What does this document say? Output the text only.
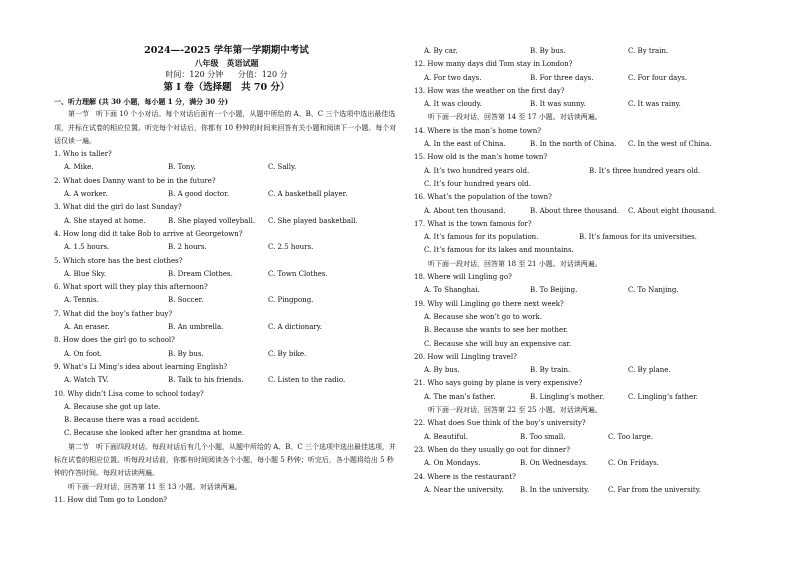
2024—-2025 学年第一学期期中考试
八年级　英语试题
时间：120 分钟 分值：120 分
第 I 卷（选择题　共 70 分）
一、听力理解 (共 30 小题，每小题 1 分，满分 30 分)
第一节　听下面 10 个小对话。每个对话后面有一个小题，从题中所给的 A、B、C 三个选项中选出最佳选项，并标在试卷的相应位置。听完每个对话后，你都有 10 秒钟的时间来回答有关小题和阅读下一小题。每个对话仅读一遍。
1. Who is taller?
A. Mike.	B. Tony.	C. Sally.
2. What does Danny want to be in the future?
A. A worker.	B. A good doctor.	C. A basketball player.
3. What did the girl do last Sunday?
A. She stayed at home.	B. She played volleyball.	C. She played basketball.
4. How long did it take Bob to arrive at Georgetown?
A. 1.5 hours.	B. 2 hours.	C. 2.5 hours.
5. Which store has the best clothes?
A. Blue Sky.	B. Dream Clothes.	C. Town Clothes.
6. What sport will they play this afternoon?
A. Tennis.	B. Soccer.	C. Pingpong.
7. What did the boy’s father buy?
A. An eraser.	B. An umbrella.	C. A dictionary.
8. How does the girl go to school?
A. On foot.	B. By bus.	C. By bike.
9. What’s Li Ming’s idea about learning English?
A. Watch TV.	B. Talk to his friends.	C. Listen to the radio.
10. Why didn’t Lisa come to school today?
A. Because she got up late.
B. Because there was a road accident.
C. Because she looked after her grandma at home.
第二节　听下面四段对话。每段对话后有几个小题，从题中所给的 A、B、C 三个选项中选出最佳选项，并标在试卷的相应位置。听每段对话前，你都有时间阅读各个小题，每小题 5 秒钟；听完后，各小题将给出 5 秒钟的作答时间。每段对话读两遍。
听下面一段对话，回答第 11 至 13 小题。对话读两遍。
11. How did Tom go to London?
A. By car.	B. By bus.	C. By train.
12. How many days did Tom stay in London?
A. For two days.	B. For three days.	C. For four days.
13. How was the weather on the first day?
A. It was cloudy.	B. It was sunny.	C. It was rainy.
听下面一段对话，回答第 14 至 17 小题。对话读两遍。
14. Where is the man’s home town?
A. In the east of China.	B. In the north of China.	C. In the west of China.
15. How old is the man’s home town?
A. It’s two hundred years old.	B. It’s three hundred years old.
C. It’s four hundred years old.
16. What’s the population of the town?
A. About ten thousand.	B. About three thousand.	C. About eight thousand.
17. What is the town famous for?
A. It’s famous for its population.	B. It’s famous for its universities.
C. It’s famous for its lakes and mountains.
听下面一段对话，回答第 18 至 21 小题。对话读两遍。
18. Where will Lingling go?
A. To Shanghai.	B. To Beijing.	C. To Nanjing.
19. Why will Lingling go there next week?
A. Because she won’t go to work.
B. Because she wants to see her mother.
C. Because she will buy an expensive car.
20. How will Lingling travel?
A. By bus.	B. By train.	C. By plane.
21. Who says going by plane is very expensive?
A. The man’s father.	B. Lingling’s mother.	C. Lingling’s father.
听下面一段对话，回答第 22 至 25 小题。对话读两遍。
22. What does Sue think of the boy’s university?
A. Beautiful.	B. Too small.	C. Too large.
23. When do they usually go out for dinner?
A. On Mondays.	B. On Wednesdays.	C. On Fridays.
24. Where is the restaurant?
A. Near the university.	B. In the university.	C. Far from the university.
